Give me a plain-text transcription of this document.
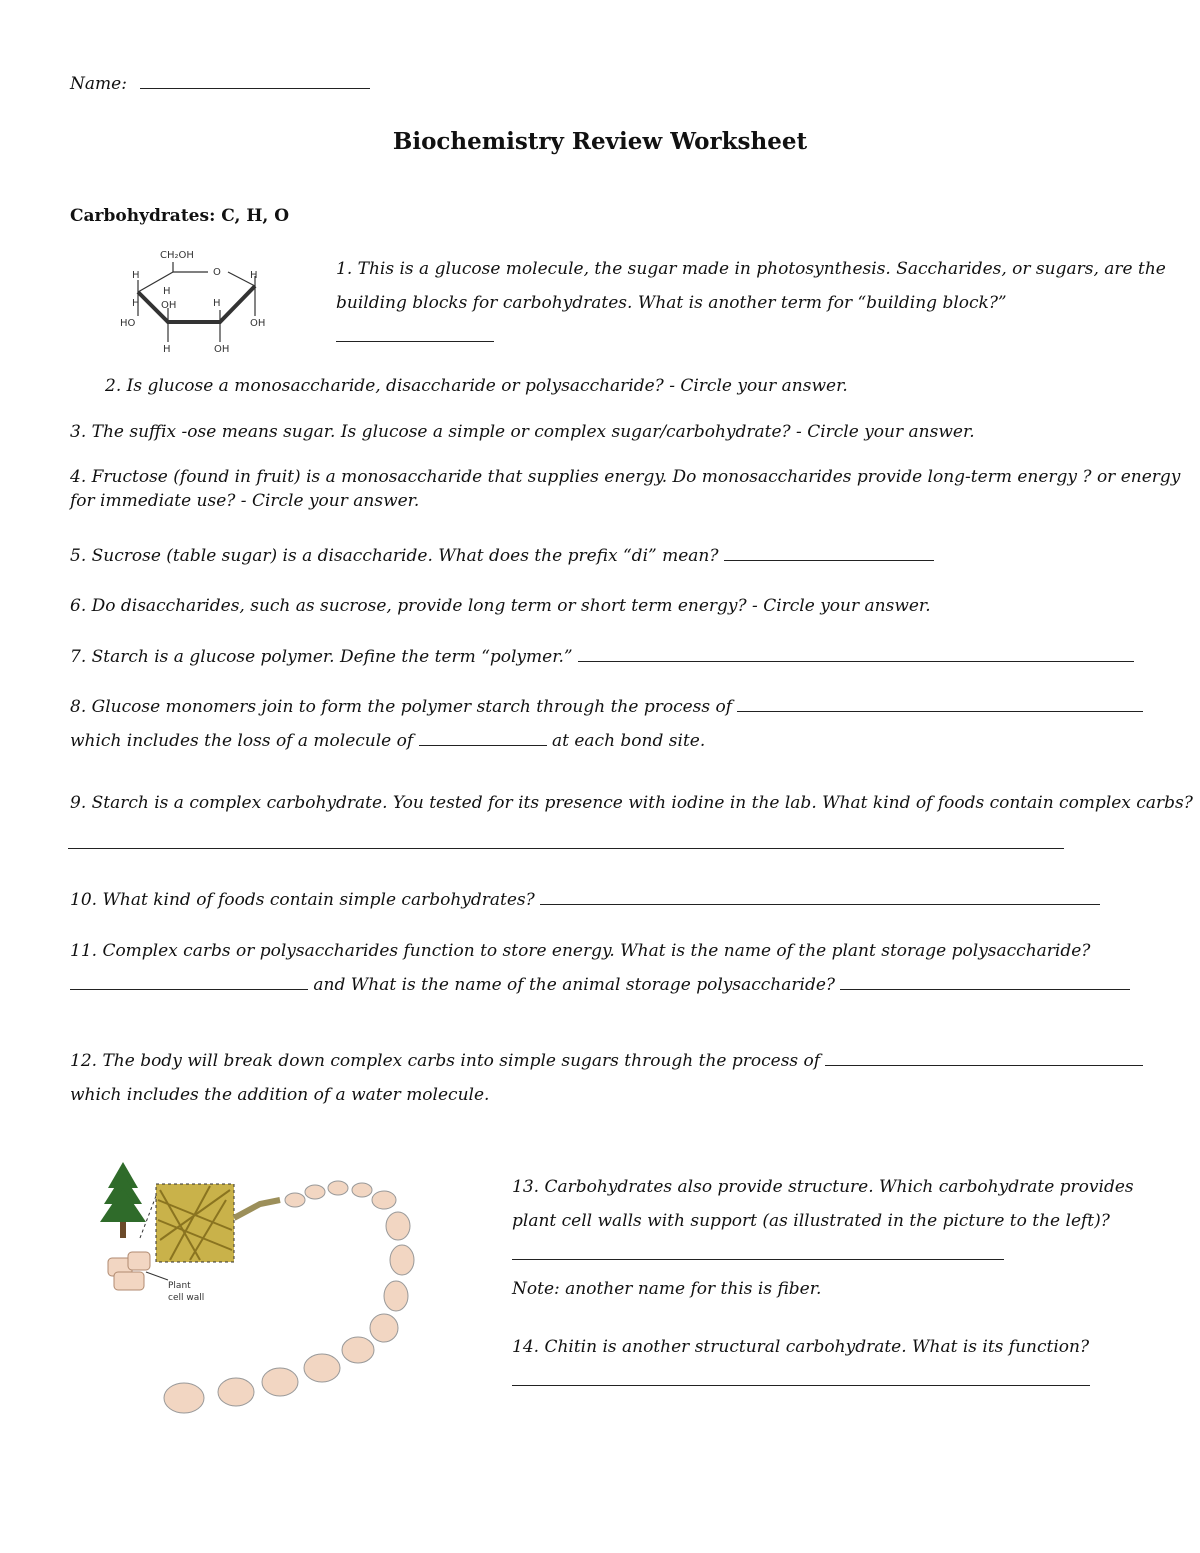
Name:
Biochemistry Review Worksheet
Carbohydrates: C, H, O
CH₂OH
O
H
H
H
H
OH
H
HO	OH
H	OH
1. This is a glucose molecule, the sugar made in photosynthesis. Saccharides, or sugars, are the
building blocks for carbohydrates. What is another term for “building block?”
2. Is glucose a monosaccharide, disaccharide or polysaccharide? - Circle your answer.
3. The suffix -ose means sugar. Is glucose a simple or complex sugar/carbohydrate? - Circle your answer.
4. Fructose (found in fruit) is a monosaccharide that supplies energy. Do monosaccharides provide long-term energy ? or energy
for immediate use? - Circle your answer.
5. Sucrose (table sugar) is a disaccharide. What does the prefix “di” mean?
6. Do disaccharides, such as sucrose, provide long term or short term energy? - Circle your answer.
7. Starch is a glucose polymer. Define the term “polymer.”
8. Glucose monomers join to form the polymer starch through the process of
which includes the loss of a molecule of	at each bond site.
9. Starch is a complex carbohydrate. You tested for its presence with iodine in the lab. What kind of foods contain complex carbs?
10. What kind of foods contain simple carbohydrates?
11. Complex carbs or polysaccharides function to store energy. What is the name of the plant storage polysaccharide?
and What is the name of the animal storage polysaccharide?
12. The body will break down complex carbs into simple sugars through the process of
which includes the addition of a water molecule.
Plant
cell wall
13. Carbohydrates also provide structure. Which carbohydrate provides
plant cell walls with support (as illustrated in the picture to the left)?
Note: another name for this is fiber.
14. Chitin is another structural carbohydrate. What is its function?
